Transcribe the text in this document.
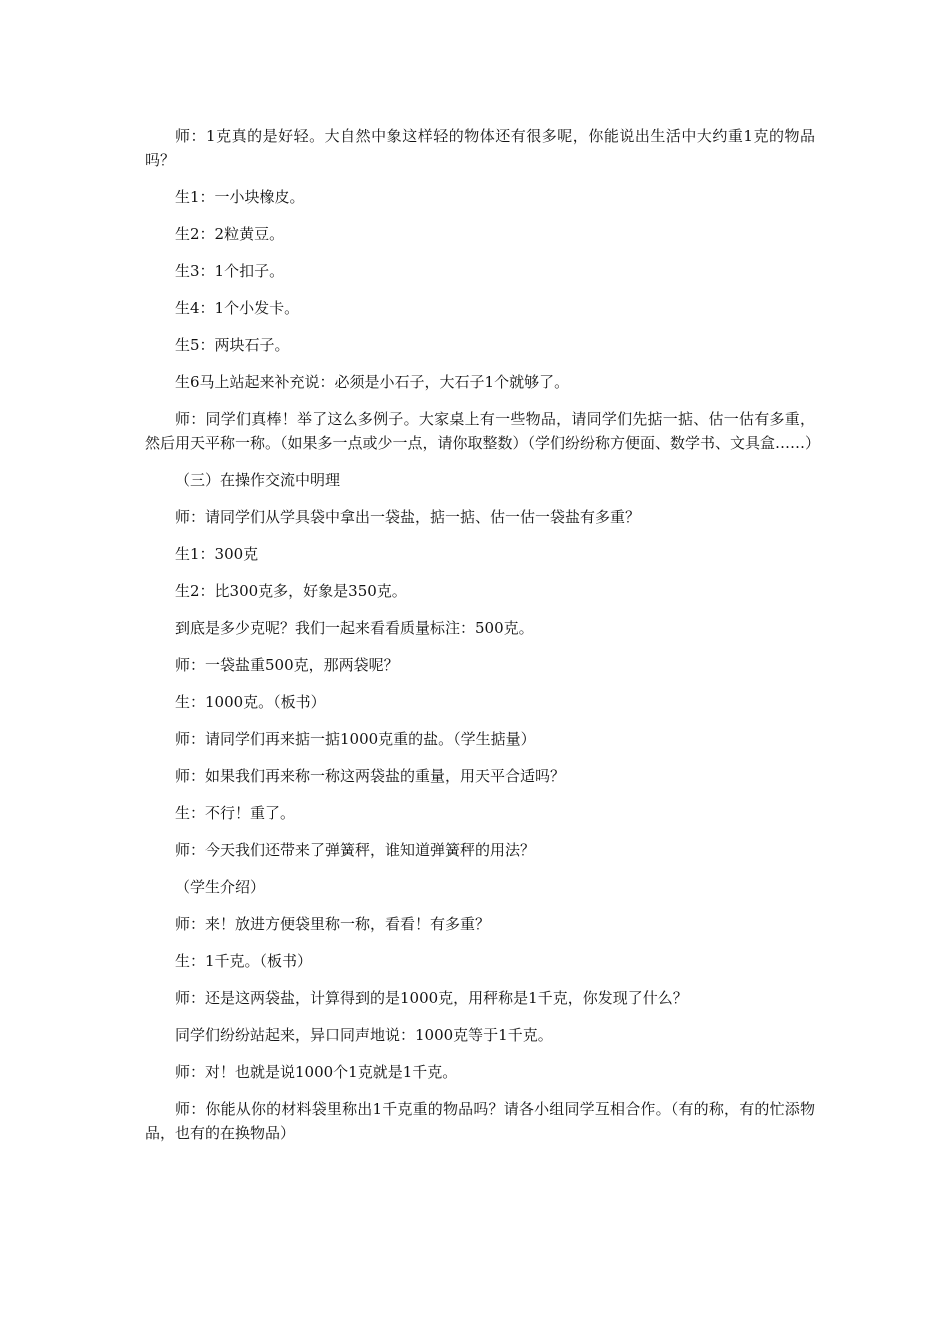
师：1克真的是好轻。大自然中象这样轻的物体还有很多呢，你能说出生活中大约重1克的物品吗？

生1：一小块橡皮。

生2：2粒黄豆。

生3：1个扣子。

生4：1个小发卡。

生5：两块石子。

生6马上站起来补充说：必须是小石子，大石子1个就够了。

师：同学们真棒！举了这么多例子。大家桌上有一些物品，请同学们先掂一掂、估一估有多重，然后用天平称一称。（如果多一点或少一点，请你取整数）（学们纷纷称方便面、数学书、文具盒……）

（三）在操作交流中明理

师：请同学们从学具袋中拿出一袋盐，掂一掂、估一估一袋盐有多重？

生1：300克

生2：比300克多，好象是350克。

到底是多少克呢？我们一起来看看质量标注：500克。

师：一袋盐重500克，那两袋呢？

生：1000克。（板书）

师：请同学们再来掂一掂1000克重的盐。（学生掂量）

师：如果我们再来称一称这两袋盐的重量，用天平合适吗？

生：不行！重了。

师：今天我们还带来了弹簧秤，谁知道弹簧秤的用法？

（学生介绍）

师：来！放进方便袋里称一称，看看！有多重？

生：1千克。（板书）

师：还是这两袋盐，计算得到的是1000克，用秤称是1千克，你发现了什么？

同学们纷纷站起来，异口同声地说：1000克等于1千克。

师：对！也就是说1000个1克就是1千克。

师：你能从你的材料袋里称出1千克重的物品吗？请各小组同学互相合作。（有的称，有的忙添物品，也有的在换物品）
